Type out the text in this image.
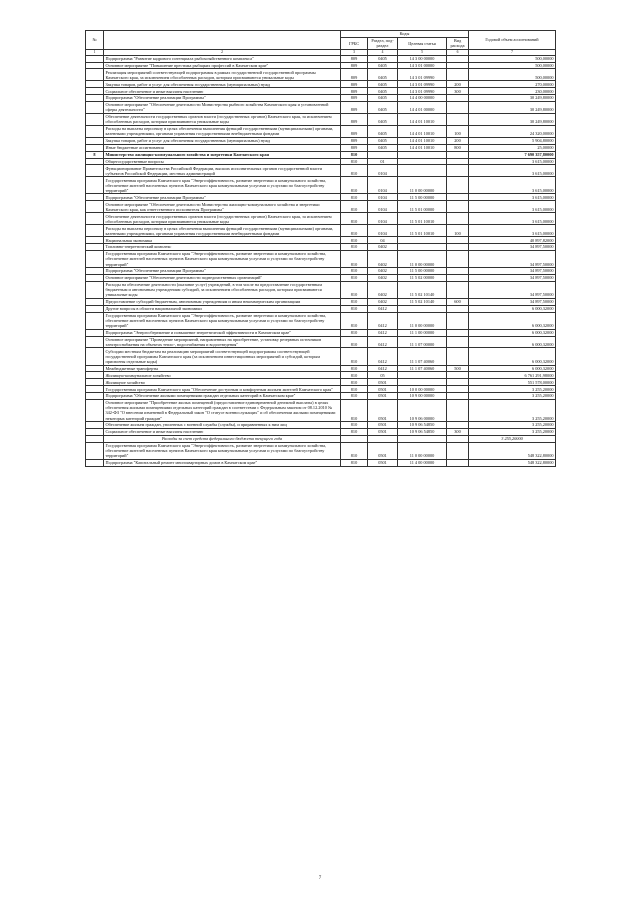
№		Коды				Годовой объем ассигнований
		ГРБС	Раздел, под-раздел	Целевая статья	Вид расхода	
1	2	3	4	5	6	7
	Подпрограмма "Развитие кадрового потенциала рыбохозяйственного комплекса"	809	0405	14 3 00 00000		500,00000
	Основное мероприятие "Повышение престижа рыбацких профессий в Камчатском крае"	809	0405	14 3 01 00000		500,00000
	Реализация мероприятий соответствующей подпрограммы в рамках государственной государственной программы Камчатского края, за исключением обособленных расходов, которым присваиваются уникальные коды	809	0405	14 3 01 09990		500,00000
	Закупка товаров, работ и услуг для обеспечения государственных (муниципальных) нужд	809	0405	14 3 01 09990	200	270,00000
	Социальное обеспечение и иные выплаты населению	809	0405	14 3 01 09990	300	230,00000
	Подпрограмма "Обеспечение реализации Программы"	809	0405	14 4 00 00000		30 249,80000
	Основное мероприятие "Обеспечение деятельности Министерства рыбного хозяйства Камчатского края и установленной сферы деятельности"	809	0405	14 4 01 00000		30 249,80000
	Обеспечение деятельности государственных органов власти (государственных органов) Камчатского края, за исключением обособленных расходов, которым присваиваются уникальные коды	809	0405	14 4 01 10010		30 249,80000
	Расходы на выплаты персоналу в целях обеспечения выполнения функций государственными (муниципальными) органами, казенными учреждениями, органами управления государственными внебюджетными фондами	809	0405	14 4 01 10010	100	24 320,00000
	Закупка товаров, работ и услуг для обеспечения государственных (муниципальных) нужд	809	0405	14 4 01 10010	200	5 904,80000
	Иные бюджетные ассигнования	809	0405	14 4 01 10010	800	25,00000
8	Министерство жилищно-коммунального хозяйства и энергетики Камчатского края	810				7 690 357,80000
	Общегосударственные вопросы	810	01			3 615,00000
	Функционирование Правительства Российской Федерации, высших исполнительных органов государственной власти субъектов Российской Федерации, местных администраций	810	0104			3 615,00000
	Государственная программа Камчатского края "Энергоэффективность, развитие энергетики и коммунального хозяйства, обеспечение жителей населенных пунктов Камчатского края коммунальными услугами и услугами по благоустройству территорий"	810	0104	11 0 00 00000		3 615,00000
	Подпрограмма "Обеспечение реализации Программы"	810	0104	11 5 00 00000		3 615,00000
	Основное мероприятие "Обеспечение деятельности Министерства жилищно-коммунального хозяйства и энергетики Камчатского края, как ответственного исполнителя Программы"	810	0104	11 5 01 00000		3 615,00000
	Обеспечение деятельности государственных органов власти (государственных органов) Камчатского края, за исключением обособленных расходов, которым присваиваются уникальные коды	810	0104	11 5 01 10010		3 615,00000
	Расходы на выплаты персоналу в целях обеспечения выполнения функций государственными (муниципальными) органами, казенными учреждениями, органами управления государственными внебюджетными фондами	810	0104	11 5 01 10010	100	3 615,00000
	Национальная экономика	810	04			40 897,82000
	Топливно-энергетический комплекс	810	0402			34 897,50000
	Государственная программа Камчатского края "Энергоэффективность, развитие энергетики и коммунального хозяйства, обеспечение жителей населенных пунктов Камчатского края коммунальными услугами и услугами по благоустройству территорий"	810	0402	11 0 00 00000		34 897,50000
	Подпрограмма "Обеспечение реализации Программы"	810	0402	11 5 00 00000		34 897,50000
	Основное мероприятие "Обеспечение деятельности подведомственных организаций"	810	0402	11 5 02 00000		34 897,50000
	Расходы на обеспечение деятельности (оказание услуг) учреждений, в том числе на предоставление государственным бюджетным и автономным учреждениям субсидий, за исключением обособленных расходов, которым присваиваются уникальные коды	810	0402	11 5 02 10140		34 897,50000
	Предоставление субсидий бюджетным, автономным учреждениям и иным некоммерческим организациям	810	0402	11 5 02 10140	600	34 897,50000
	Другие вопросы в области национальной экономики	810	0412			6 000,32000
	Государственная программа Камчатского края "Энергоэффективность, развитие энергетики и коммунального хозяйства, обеспечение жителей населенных пунктов Камчатского края коммунальными услугами и услугами по благоустройству территорий"	810	0412	11 0 00 00000		6 000,32000
	Подпрограмма "Энергосбережение и повышение энергетической эффективности в Камчатском крае"	810	0412	11 1 00 00000		6 000,32000
	Основное мероприятие "Проведение мероприятий, направленных на приобретение, установку резервных источников электроснабжения на объектах тепло-, водоснабжения и водоотведения"	810	0412	11 1 07 00000		6 000,32000
	Субсидии местным бюджетам на реализацию мероприятий соответствующей подпрограммы соответствующей государственной программы Камчатского края (за исключением инвестиционных мероприятий и субсидий, которым присвоены отдельные коды)	810	0412	11 1 07 40060		6 000,32000
	Межбюджетные трансферты	810	0412	11 1 07 40060	500	6 000,32000
	Жилищно-коммунальное хозяйство	810	05			6 761 291,98000
	Жилищное хозяйство	810	0501			551 578,00000
	Государственная программа Камчатского края "Обеспечение доступным и комфортным жильем жителей Камчатского края"	810	0501	10 0 00 00000		3 255,20000
	Подпрограмма "Обеспечение жилыми помещениями граждан отдельных категорий в Камчатском крае"	810	0501	10 9 00 00000		3 255,20000
	Основное мероприятие "Приобретение жилых помещений (предоставление единовременной денежной выплаты) в целях обеспечения жилыми помещениями отдельных категорий граждан в соответствии с Федеральным законом от 08.12.2010 № 342-ФЗ "О внесении изменений в Федеральный закон "О статусе военнослужащих" и об обеспечении жилыми помещениями некоторых категорий граждан"	810	0501	10 9 06 00000		3 255,20000
	Обеспечение жильем граждан, уволенных с военной службы (службы), и приравненных к ним лиц	810	0501	10 9 06 54850		3 255,20000
	Социальное обеспечение и иные выплаты населению	810	0501	10 9 06 54850	300	3 255,20000
	Расходы за счет средств федерального бюджета текущего года					3 255,20000
	Государственная программа Камчатского края "Энергоэффективность, развитие энергетики и коммунального хозяйства, обеспечение жителей населенных пунктов Камчатского края коммунальными услугами и услугами по благоустройству территорий"	810	0501	11 0 00 00000		548 322,80000
	Подпрограмма "Капитальный ремонт многоквартирных домов в Камчатском крае"	810	0501	11 4 00 00000		548 322,80000
7
